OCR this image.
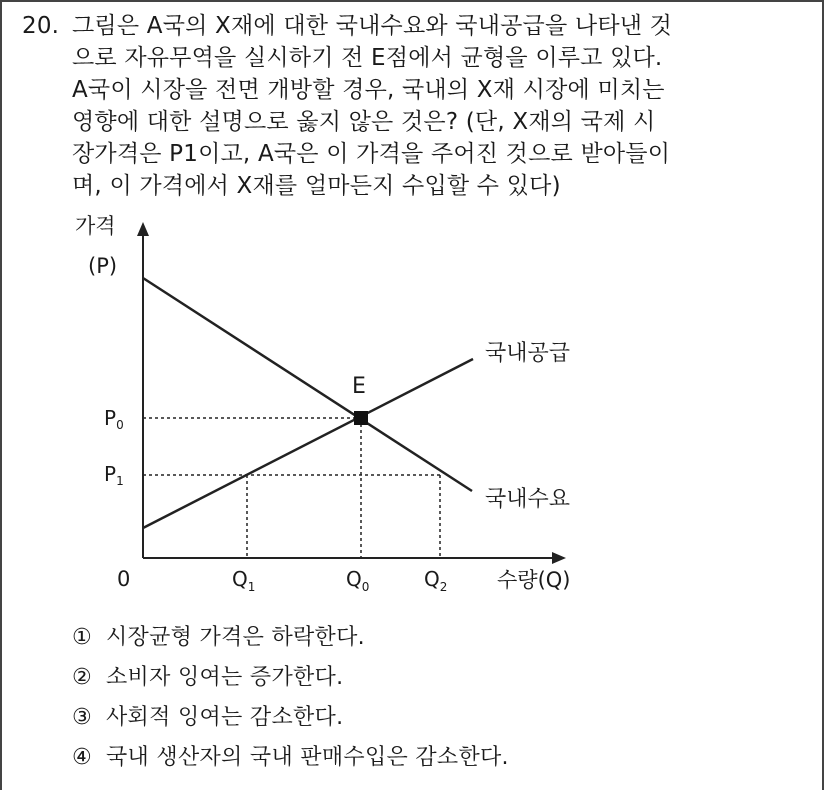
20. 그림은 A국의 X재에 대한 국내수요와 국내공급을 나타낸 것
으로 자유무역을 실시하기 전 E점에서 균형을 이루고 있다.
A국이 시장을 전면 개방할 경우, 국내의 X재 시장에 미치는
영향에 대한 설명으로 옳지 않은 것은? (단, X재의 국제 시
장가격은 P1이고, A국은 이 가격을 주어진 것으로 받아들이
며, 이 가격에서 X재를 얼마든지 수입할 수 있다)
가격
(P)
0	수량(Q)
E
국내공급
국내수요
$P_0$
$P_1$
$Q_1$	$Q_0$	$Q_2$
① 시장균형 가격은 하락한다.
② 소비자 잉여는 증가한다.
③ 사회적 잉여는 감소한다.
④ 국내 생산자의 국내 판매수입은 감소한다.
